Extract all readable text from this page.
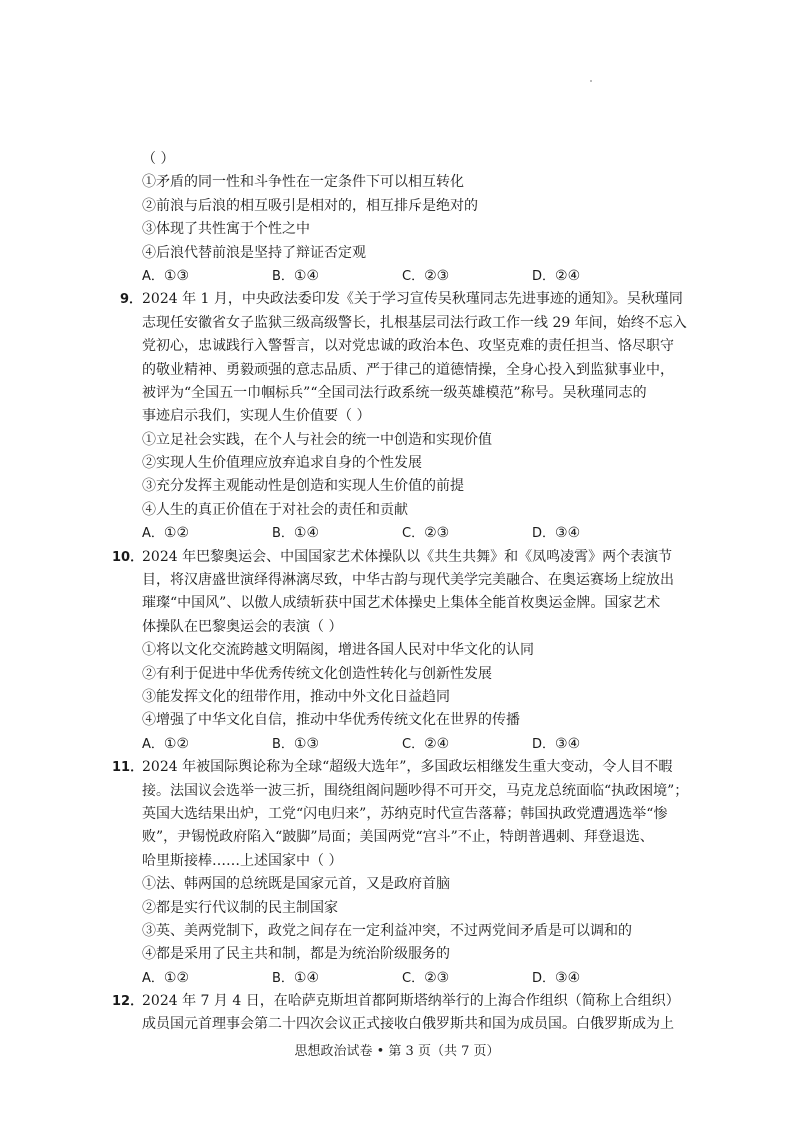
（ ）
①矛盾的同一性和斗争性在一定条件下可以相互转化
②前浪与后浪的相互吸引是相对的，相互排斥是绝对的
③体现了共性寓于个性之中
④后浪代替前浪是坚持了辩证否定观
A．①③	B．①④	C．②③	D．②④
9． 2024 年 1 月，中央政法委印发《关于学习宣传吴秋瑾同志先进事迹的通知》。吴秋瑾同
志现任安徽省女子监狱三级高级警长，扎根基层司法行政工作一线 29 年间，始终不忘入
党初心，忠诚践行入警誓言，以对党忠诚的政治本色、攻坚克难的责任担当、恪尽职守
的敬业精神、勇毅顽强的意志品质、严于律己的道德情操，全身心投入到监狱事业中，
被评为“全国五一巾帼标兵”“全国司法行政系统一级英雄模范”称号。吴秋瑾同志的
事迹启示我们，实现人生价值要（ ）
①立足社会实践，在个人与社会的统一中创造和实现价值
②实现人生价值理应放弃追求自身的个性发展
③充分发挥主观能动性是创造和实现人生价值的前提
④人生的真正价值在于对社会的责任和贡献
A．①②	B．①④	C．②③	D．③④
10．
2024 年巴黎奥运会、中国国家艺术体操队以《共生共舞》和《凤鸣凌霄》两个表演节
目，将汉唐盛世演绎得淋漓尽致，中华古韵与现代美学完美融合、在奥运赛场上绽放出
璀璨“中国风”、以傲人成绩斩获中国艺术体操史上集体全能首枚奥运金牌。国家艺术
体操队在巴黎奥运会的表演（ ）
①将以文化交流跨越文明隔阂，增进各国人民对中华文化的认同
②有利于促进中华优秀传统文化创造性转化与创新性发展
③能发挥文化的纽带作用，推动中外文化日益趋同
④增强了中华文化自信，推动中华优秀传统文化在世界的传播
A．①②	B．①③	C．②④	D．③④
11．
2024 年被国际舆论称为全球“超级大选年”，多国政坛相继发生重大变动，令人目不暇
接。法国议会选举一波三折，围绕组阁问题吵得不可开交，马克龙总统面临“执政困境”；
英国大选结果出炉，工党“闪电归来”，苏纳克时代宣告落幕；韩国执政党遭遇选举“惨
败”，尹锡悦政府陷入“跛脚”局面；美国两党“宫斗”不止，特朗普遇刺、拜登退选、
哈里斯接棒……上述国家中（ ）
①法、韩两国的总统既是国家元首，又是政府首脑
②都是实行代议制的民主制国家
③英、美两党制下，政党之间存在一定利益冲突，不过两党间矛盾是可以调和的
④都是采用了民主共和制，都是为统治阶级服务的
A．①②	B．①④	C．②③	D．③④
12．
2024 年 7 月 4 日，在哈萨克斯坦首都阿斯塔纳举行的上海合作组织（简称上合组织）
成员国元首理事会第二十四次会议正式接收白俄罗斯共和国为成员国。白俄罗斯成为上
思想政治试卷 • 第 3 页（共 7 页）
